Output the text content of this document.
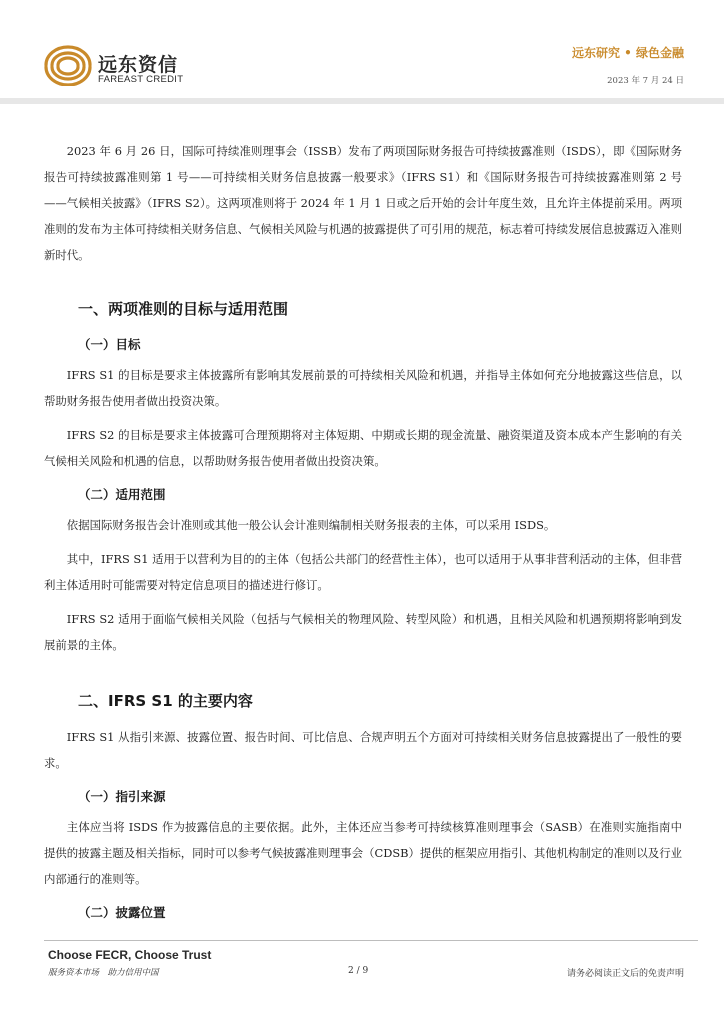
远东资信
FAREAST CREDIT
远东研究 • 绿色金融
2023 年 7 月 24 日

2023 年 6 月 26 日，国际可持续准则理事会（ISSB）发布了两项国际财务报告可持续披露准则（ISDS），即《国际财务报告可持续披露准则第 1 号——可持续相关财务信息披露一般要求》（IFRS S1）和《国际财务报告可持续披露准则第 2 号——气候相关披露》（IFRS S2）。这两项准则将于 2024 年 1 月 1 日或之后开始的会计年度生效，且允许主体提前采用。两项准则的发布为主体可持续相关财务信息、气候相关风险与机遇的披露提供了可引用的规范，标志着可持续发展信息披露迈入准则新时代。

一、两项准则的目标与适用范围
（一）目标

IFRS S1 的目标是要求主体披露所有影响其发展前景的可持续相关风险和机遇，并指导主体如何充分地披露这些信息，以帮助财务报告使用者做出投资决策。

IFRS S2 的目标是要求主体披露可合理预期将对主体短期、中期或长期的现金流量、融资渠道及资本成本产生影响的有关气候相关风险和机遇的信息，以帮助财务报告使用者做出投资决策。

（二）适用范围

依据国际财务报告会计准则或其他一般公认会计准则编制相关财务报表的主体，可以采用 ISDS。

其中，IFRS S1 适用于以营利为目的的主体（包括公共部门的经营性主体），也可以适用于从事非营利活动的主体，但非营利主体适用时可能需要对特定信息项目的描述进行修订。

IFRS S2 适用于面临气候相关风险（包括与气候相关的物理风险、转型风险）和机遇，且相关风险和机遇预期将影响到发展前景的主体。

二、IFRS S1 的主要内容

IFRS S1 从指引来源、披露位置、报告时间、可比信息、合规声明五个方面对可持续相关财务信息披露提出了一般性的要求。

（一）指引来源

主体应当将 ISDS 作为披露信息的主要依据。此外，主体还应当参考可持续核算准则理事会（SASB）在准则实施指南中提供的披露主题及相关指标，同时可以参考气候披露准则理事会（CDSB）提供的框架应用指引、其他机构制定的准则以及行业内部通行的准则等。

（二）披露位置
Choose FECR, Choose Trust
服务资本市场　助力信用中国	2 / 9	请务必阅读正文后的免责声明
